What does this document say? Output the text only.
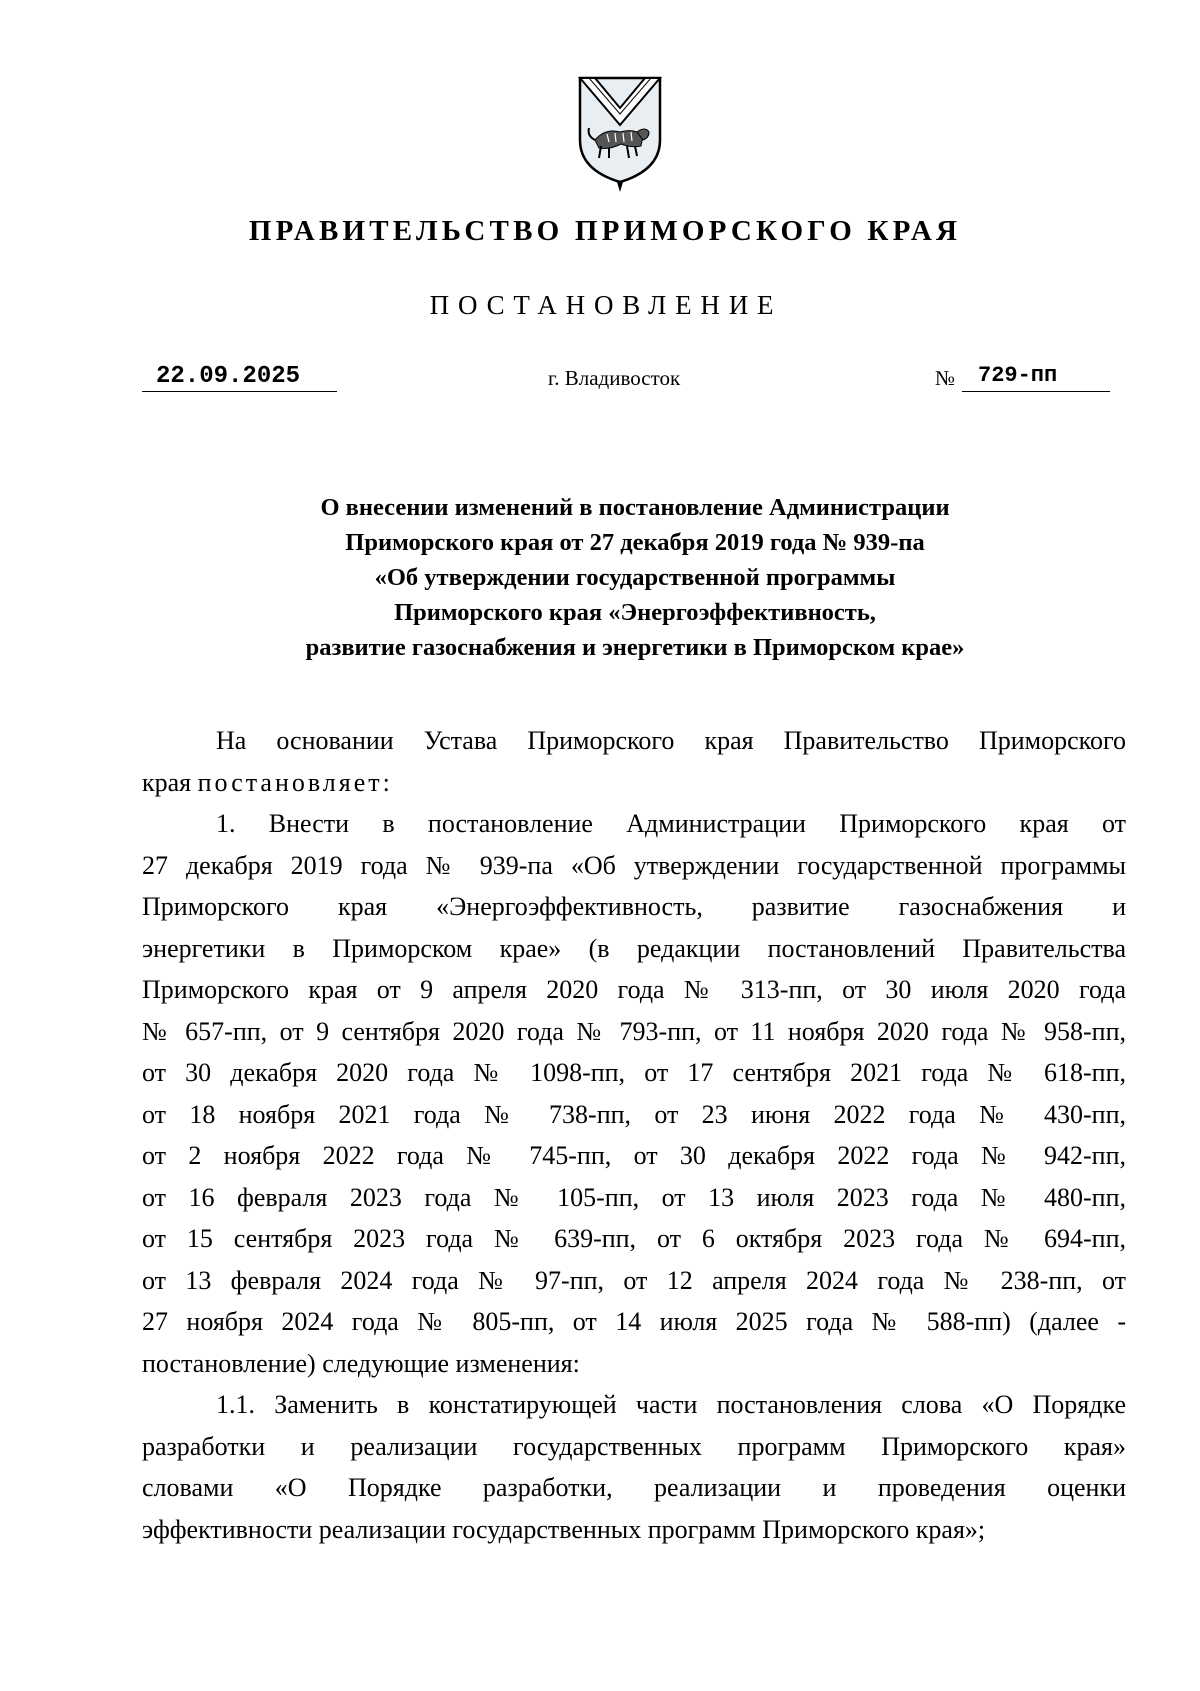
ПРАВИТЕЛЬСТВО ПРИМОРСКОГО КРАЯ
ПОСТАНОВЛЕНИЕ
22.09.2025	г. Владивосток	№	729-пп
О внесении изменений в постановление Администрации
Приморского края от 27 декабря 2019 года № 939-па
«Об утверждении государственной программы
Приморского края «Энергоэффективность,
развитие газоснабжения и энергетики в Приморском крае»
На основании Устава Приморского края Правительство Приморского
края постановляет:
1. Внести в постановление Администрации Приморского края от
27 декабря 2019 года № 939-па «Об утверждении государственной программы
Приморского края «Энергоэффективность, развитие газоснабжения и
энергетики в Приморском крае» (в редакции постановлений Правительства
Приморского края от 9 апреля 2020 года № 313-пп, от 30 июля 2020 года
№ 657-пп, от 9 сентября 2020 года № 793-пп, от 11 ноября 2020 года № 958-пп,
от 30 декабря 2020 года № 1098-пп, от 17 сентября 2021 года № 618-пп,
от 18 ноября 2021 года № 738-пп, от 23 июня 2022 года № 430-пп,
от 2 ноября 2022 года № 745-пп, от 30 декабря 2022 года № 942-пп,
от 16 февраля 2023 года № 105-пп, от 13 июля 2023 года № 480-пп,
от 15 сентября 2023 года № 639-пп, от 6 октября 2023 года № 694-пп,
от 13 февраля 2024 года № 97-пп, от 12 апреля 2024 года № 238-пп, от
27 ноября 2024 года № 805-пп, от 14 июля 2025 года № 588-пп) (далее -
постановление) следующие изменения:
1.1. Заменить в констатирующей части постановления слова «О Порядке
разработки и реализации государственных программ Приморского края»
словами «О Порядке разработки, реализации и проведения оценки
эффективности реализации государственных программ Приморского края»;
